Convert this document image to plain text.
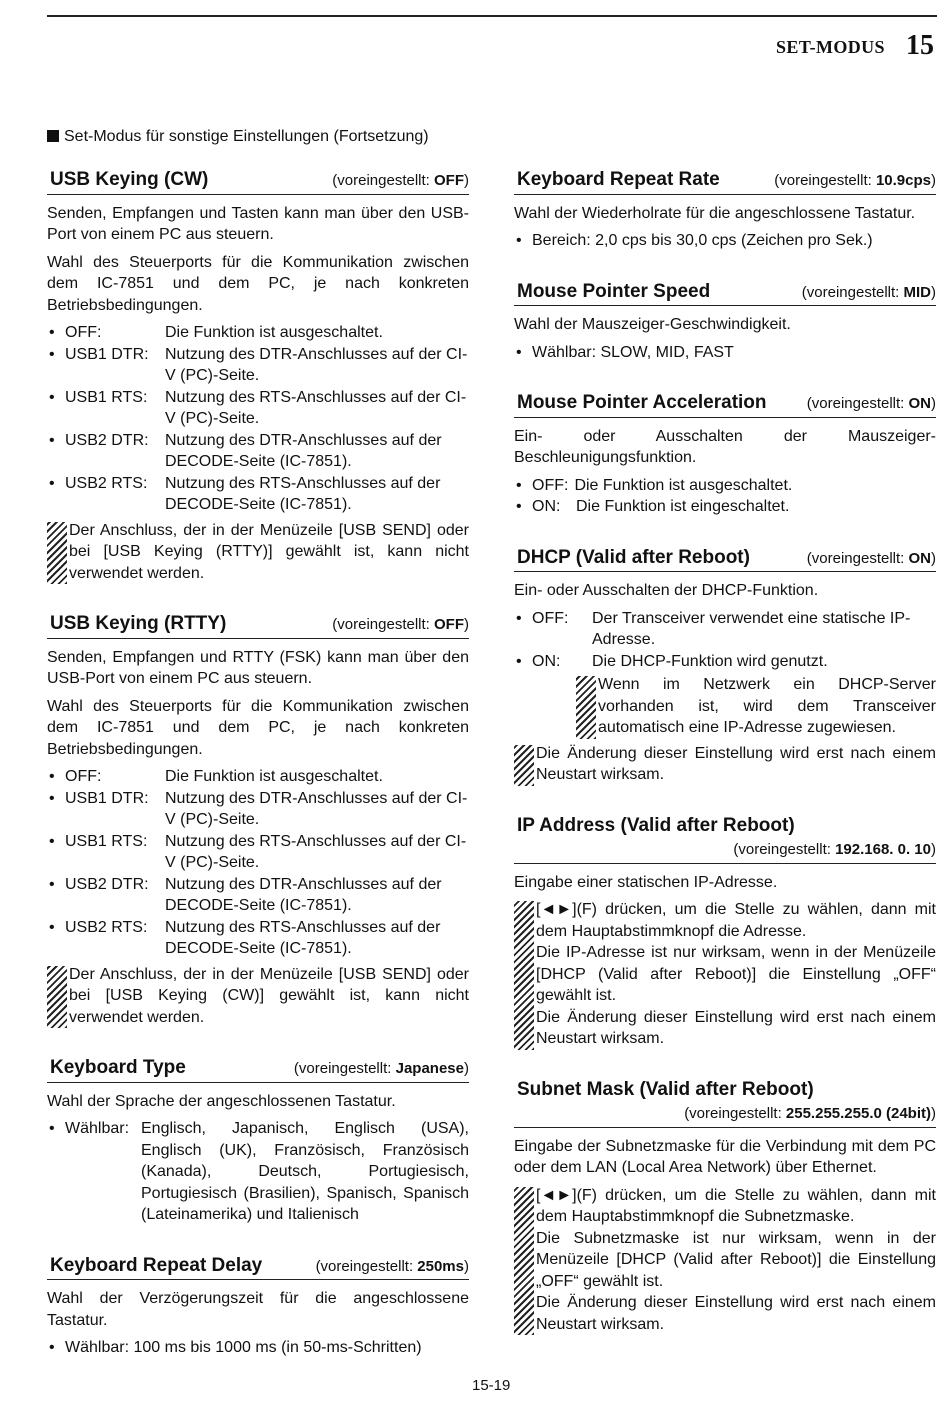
SET-MODUS 15
Set-Modus für sonstige Einstellungen (Fortsetzung)
USB Keying (CW)	(voreingestellt: OFF)

Senden, Empfangen und Tasten kann man über den USB-Port von einem PC aus steuern.

Wahl des Steuerports für die Kommunikation zwischen dem IC-7851 und dem PC, je nach konkreten Betriebsbedingungen.

• OFF:	Die Funktion ist ausgeschaltet.
• USB1 DTR:	Nutzung des DTR-Anschlusses auf der CI-V (PC)-Seite.
• USB1 RTS:	Nutzung des RTS-Anschlusses auf der CI-V (PC)-Seite.
• USB2 DTR:	Nutzung des DTR-Anschlusses auf der DECODE-Seite (IC-7851).
• USB2 RTS:	Nutzung des RTS-Anschlusses auf der DECODE-Seite (IC-7851).
Der Anschluss, der in der Menüzeile [USB SEND] oder bei [USB Keying (RTTY)] gewählt ist, kann nicht verwendet werden.
USB Keying (RTTY)	(voreingestellt: OFF)

Senden, Empfangen und RTTY (FSK) kann man über den USB-Port von einem PC aus steuern.

Wahl des Steuerports für die Kommunikation zwischen dem IC-7851 und dem PC, je nach konkreten Betriebsbedingungen.

• OFF:	Die Funktion ist ausgeschaltet.
• USB1 DTR:	Nutzung des DTR-Anschlusses auf der CI-V (PC)-Seite.
• USB1 RTS:	Nutzung des RTS-Anschlusses auf der CI-V (PC)-Seite.
• USB2 DTR:	Nutzung des DTR-Anschlusses auf der DECODE-Seite (IC-7851).
• USB2 RTS:	Nutzung des RTS-Anschlusses auf der DECODE-Seite (IC-7851).
Der Anschluss, der in der Menüzeile [USB SEND] oder bei [USB Keying (CW)] gewählt ist, kann nicht verwendet werden.
Keyboard Type	(voreingestellt: Japanese)

Wahl der Sprache der angeschlossenen Tastatur.

• Wählbar: Englisch, Japanisch, Englisch (USA), Englisch (UK), Französisch, Französisch (Kanada), Deutsch, Portugiesisch, Portugiesisch (Brasilien), Spanisch, Spanisch (Lateinamerika) und Italienisch
Keyboard Repeat Delay	(voreingestellt: 250ms)

Wahl der Verzögerungszeit für die angeschlossene Tastatur.

• Wählbar: 100 ms bis 1000 ms (in 50-ms-Schritten)
Keyboard Repeat Rate	(voreingestellt: 10.9cps)

Wahl der Wiederholrate für die angeschlossene Tastatur.

• Bereich: 2,0 cps bis 30,0 cps (Zeichen pro Sek.)
Mouse Pointer Speed	(voreingestellt: MID)

Wahl der Mauszeiger-Geschwindigkeit.

• Wählbar: SLOW, MID, FAST
Mouse Pointer Acceleration	(voreingestellt: ON)

Ein- oder Ausschalten der Mauszeiger-Beschleunigungsfunktion.

• OFF: Die Funktion ist ausgeschaltet.
• ON: Die Funktion ist eingeschaltet.
DHCP (Valid after Reboot)	(voreingestellt: ON)

Ein- oder Ausschalten der DHCP-Funktion.

• OFF:	Der Transceiver verwendet eine statische IP-Adresse.
• ON:	Die DHCP-Funktion wird genutzt.
Wenn im Netzwerk ein DHCP-Server vorhanden ist, wird dem Transceiver automatisch eine IP-Adresse zugewiesen.
Die Änderung dieser Einstellung wird erst nach einem Neustart wirksam.
IP Address (Valid after Reboot)
(voreingestellt: 192.168. 0. 10)

Eingabe einer statischen IP-Adresse.

[◄►](F) drücken, um die Stelle zu wählen, dann mit dem Hauptabstimmknopf die Adresse.
Die IP-Adresse ist nur wirksam, wenn in der Menüzeile [DHCP (Valid after Reboot)] die Einstellung „OFF“ gewählt ist.
Die Änderung dieser Einstellung wird erst nach einem Neustart wirksam.
Subnet Mask (Valid after Reboot)
(voreingestellt: 255.255.255.0 (24bit))

Eingabe der Subnetzmaske für die Verbindung mit dem PC oder dem LAN (Local Area Network) über Ethernet.

[◄►](F) drücken, um die Stelle zu wählen, dann mit dem Hauptabstimmknopf die Subnetzmaske.
Die Subnetzmaske ist nur wirksam, wenn in der Menüzeile [DHCP (Valid after Reboot)] die Einstellung „OFF“ gewählt ist.
Die Änderung dieser Einstellung wird erst nach einem Neustart wirksam.
15-19
